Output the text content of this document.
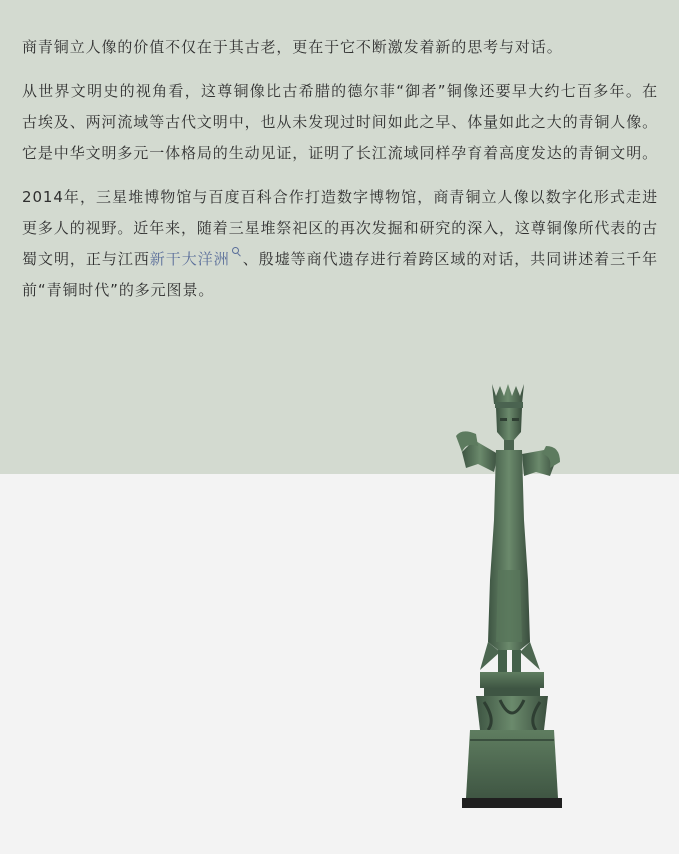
商青铜立人像的价值不仅在于其古老，更在于它不断激发着新的思考与对话。

从世界文明史的视角看，这尊铜像比古希腊的德尔菲“御者”铜像还要早大约七百多年。在古埃及、两河流域等古代文明中，也从未发现过时间如此之早、体量如此之大的青铜人像。它是中华文明多元一体格局的生动见证，证明了长江流域同样孕育着高度发达的青铜文明。

2014年，三星堆博物馆与百度百科合作打造数字博物馆，商青铜立人像以数字化形式走进更多人的视野。近年来，随着三星堆祭祀区的再次发掘和研究的深入，这尊铜像所代表的古蜀文明，正与江西新干大洋洲 、殷墟等商代遗存进行着跨区域的对话，共同讲述着三千年前“青铜时代”的多元图景。
